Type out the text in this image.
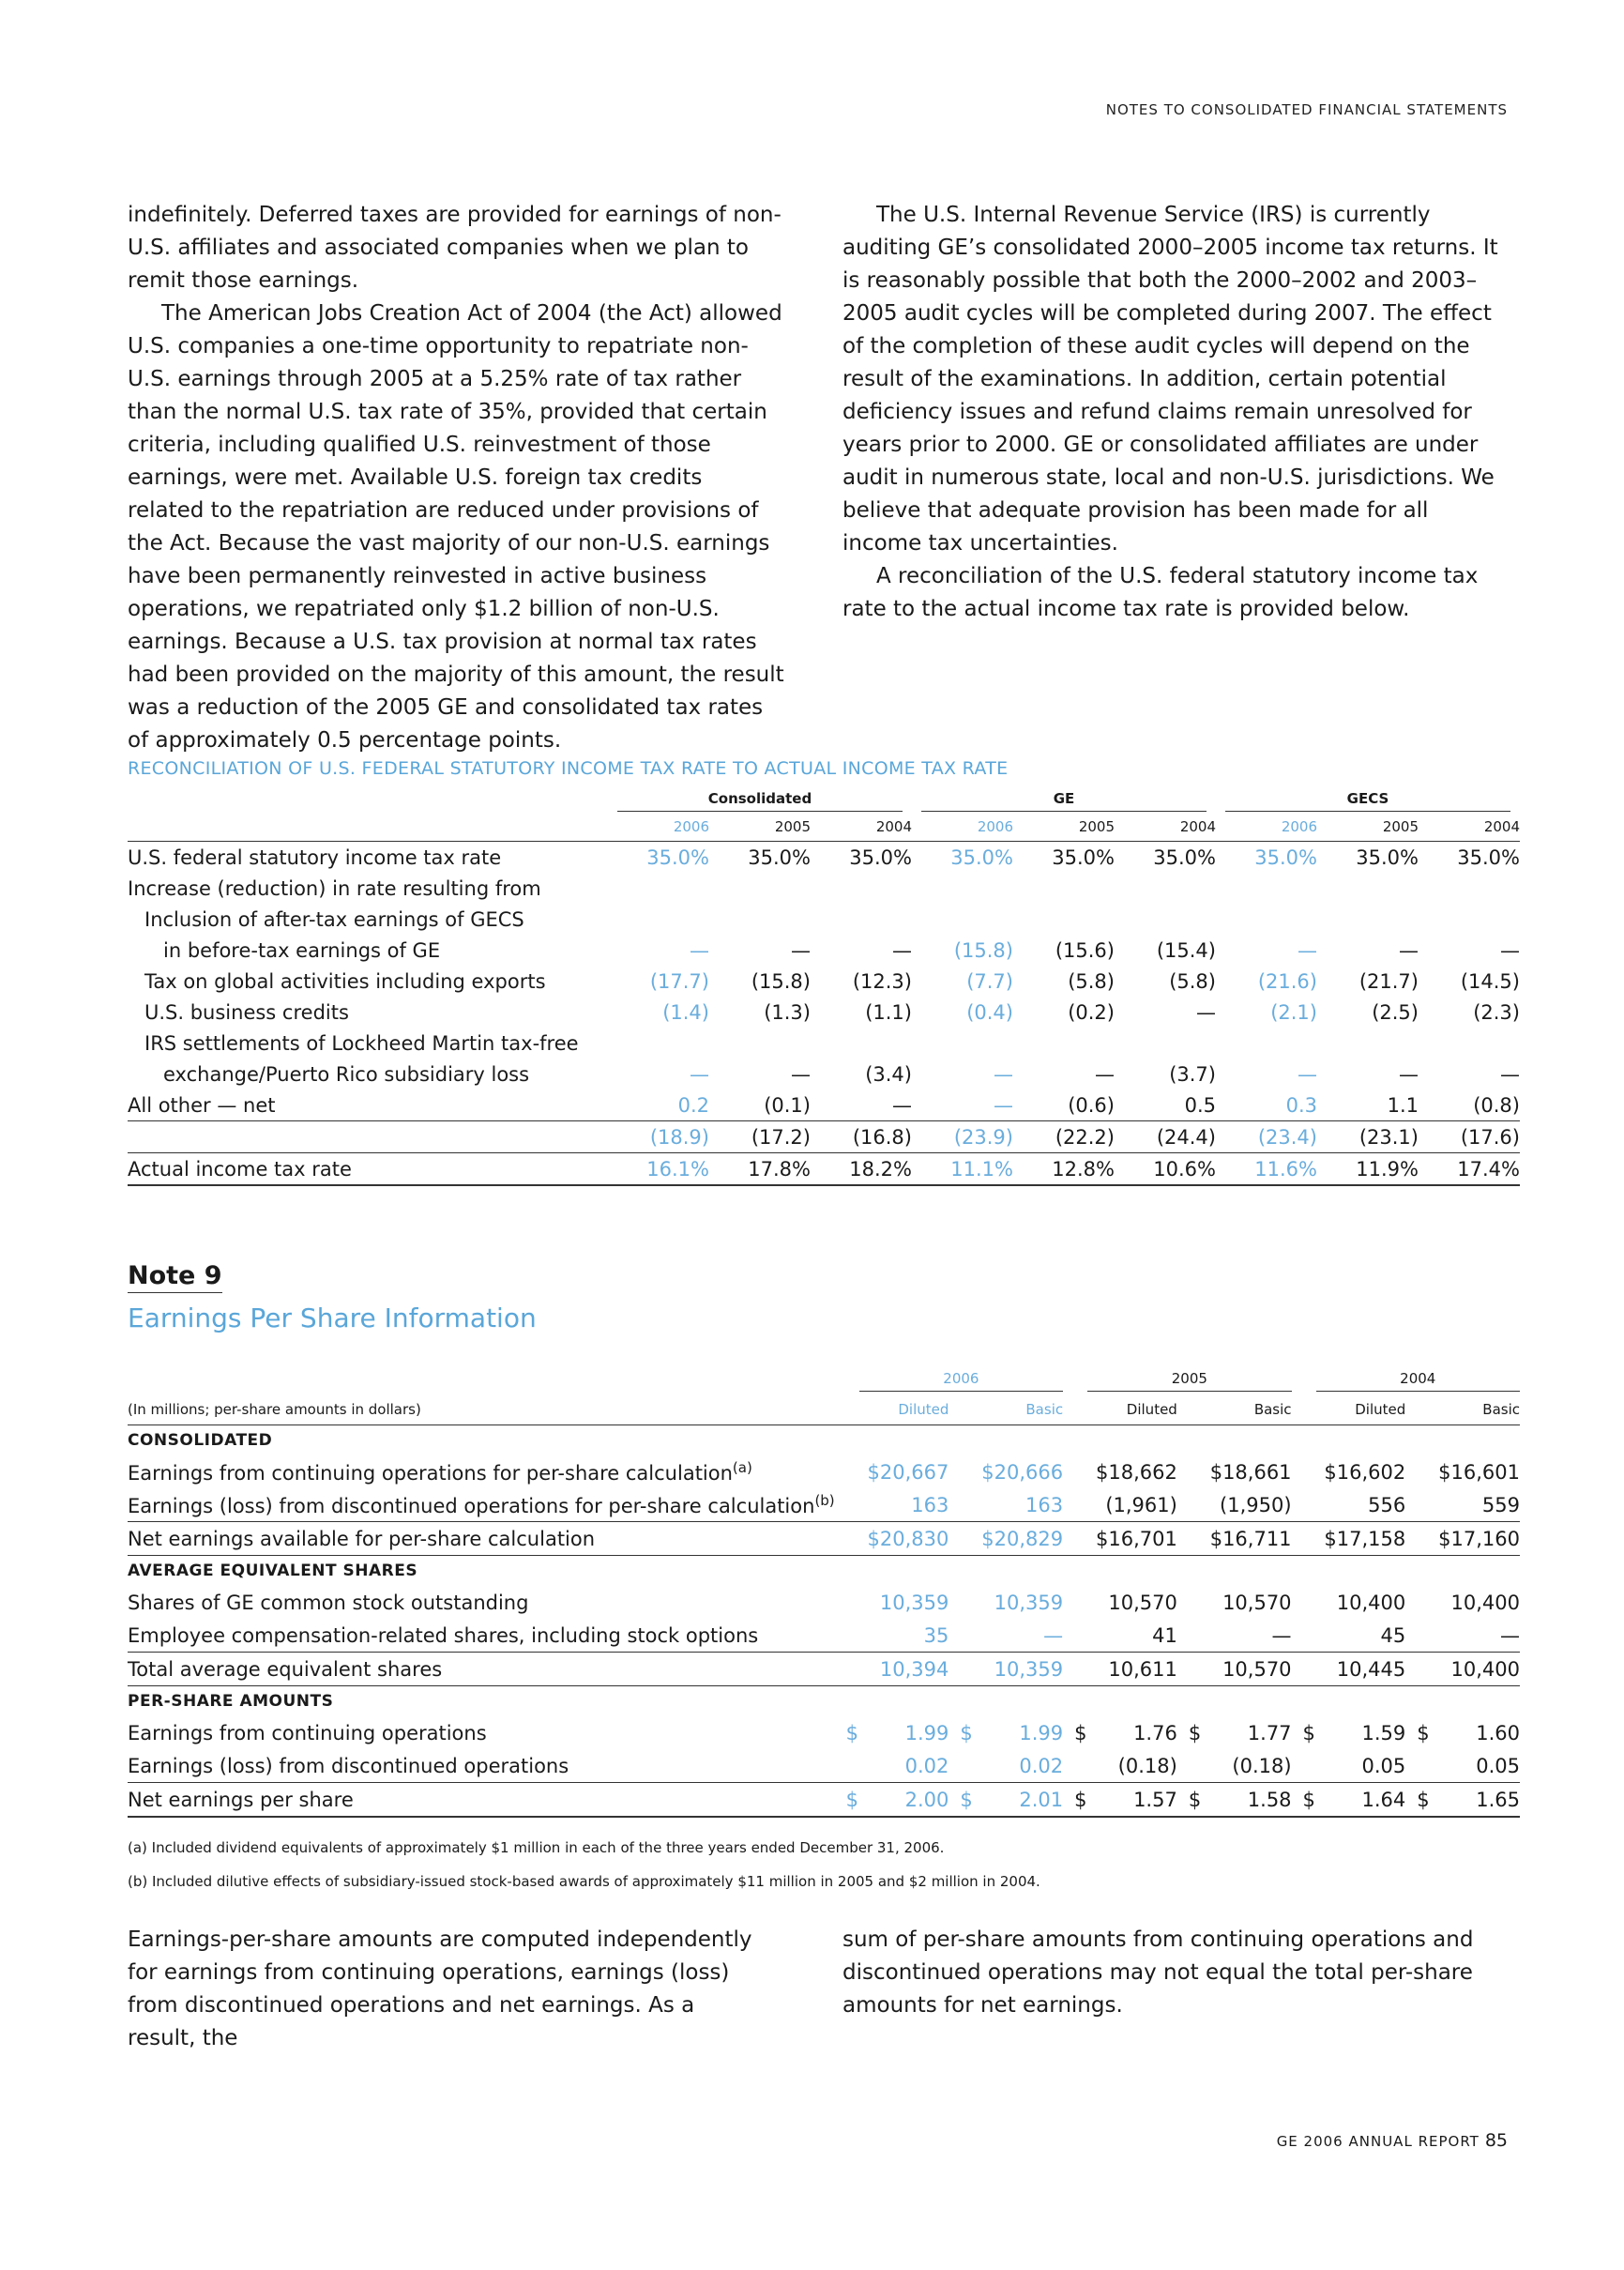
NOTES TO CONSOLIDATED FINANCIAL STATEMENTS

indefinitely. Deferred taxes are provided for earnings of non-U.S. affiliates and associated companies when we plan to remit those earnings.

The American Jobs Creation Act of 2004 (the Act) allowed U.S. companies a one-time opportunity to repatriate non-U.S. earnings through 2005 at a 5.25% rate of tax rather than the normal U.S. tax rate of 35%, provided that certain criteria, including qualified U.S. reinvestment of those earnings, were met. Available U.S. foreign tax credits related to the repatriation are reduced under provisions of the Act. Because the vast majority of our non-U.S. earnings have been permanently reinvested in active business operations, we repatriated only $1.2 billion of non-U.S. earnings. Because a U.S. tax provision at normal tax rates had been provided on the majority of this amount, the result was a reduction of the 2005 GE and consolidated tax rates of approximately 0.5 percentage points.

The U.S. Internal Revenue Service (IRS) is currently auditing GE’s consolidated 2000–2005 income tax returns. It is reasonably possible that both the 2000–2002 and 2003–2005 audit cycles will be completed during 2007. The effect of the completion of these audit cycles will depend on the result of the examinations. In addition, certain potential deficiency issues and refund claims remain unresolved for years prior to 2000. GE or consolidated affiliates are under audit in numerous state, local and non-U.S. jurisdictions. We believe that adequate provision has been made for all income tax uncertainties.

A reconciliation of the U.S. federal statutory income tax rate to the actual income tax rate is provided below.

RECONCILIATION OF U.S. FEDERAL STATUTORY INCOME TAX RATE TO ACTUAL INCOME TAX RATE

	Consolidated			GE			GECS		

	2006	2005	2004	2006	2005	2004	2006	2005	2004
U.S. federal statutory income tax rate	35.0%	35.0%	35.0%	35.0%	35.0%	35.0%	35.0%	35.0%	35.0%
Increase (reduction) in rate resulting from									
Inclusion of after-tax earnings of GECS									
in before-tax earnings of GE	—	—	—	(15.8)	(15.6)	(15.4)	—	—	—
Tax on global activities including exports	(17.7)	(15.8)	(12.3)	(7.7)	(5.8)	(5.8)	(21.6)	(21.7)	(14.5)
U.S. business credits	(1.4)	(1.3)	(1.1)	(0.4)	(0.2)	—	(2.1)	(2.5)	(2.3)
IRS settlements of Lockheed Martin tax-free									
exchange/Puerto Rico subsidiary loss	—	—	(3.4)	—	—	(3.7)	—	—	—
All other — net	0.2	(0.1)	—	—	(0.6)	0.5	0.3	1.1	(0.8)
	(18.9)	(17.2)	(16.8)	(23.9)	(22.2)	(24.4)	(23.4)	(23.1)	(17.6)
Actual income tax rate	16.1%	17.8%	18.2%	11.1%	12.8%	10.6%	11.6%	11.9%	17.4%
Note 9
Earnings Per Share Information

	2006		2005		2004	

(In millions; per-share amounts in dollars)	Diluted	Basic	Diluted	Basic	Diluted	Basic
CONSOLIDATED						
Earnings from continuing operations for per-share calculation$^{(a)}$	$20,667	$20,666	$18,662	$18,661	$16,602	$16,601
Earnings (loss) from discontinued operations for per-share calculation$^{(b)}$	163	163	(1,961)	(1,950)	556	559
Net earnings available for per-share calculation	$20,830	$20,829	$16,701	$16,711	$17,158	$17,160
AVERAGE EQUIVALENT SHARES						
Shares of GE common stock outstanding	10,359	10,359	10,570	10,570	10,400	10,400
Employee compensation-related shares, including stock options	35	—	41	—	45	—
Total average equivalent shares	10,394	10,359	10,611	10,570	10,445	10,400
PER-SHARE AMOUNTS						
Earnings from continuing operations	$ 1.99	$ 1.99	$ 1.76	$ 1.77	$ 1.59	$ 1.60
Earnings (loss) from discontinued operations	0.02	0.02	(0.18)	(0.18)	0.05	0.05
Net earnings per share	$ 2.00	$ 2.01	$ 1.57	$ 1.58	$ 1.64	$ 1.65
(a) Included dividend equivalents of approximately $1 million in each of the three years ended December 31, 2006.
(b) Included dilutive effects of subsidiary-issued stock-based awards of approximately $11 million in 2005 and $2 million in 2004.

Earnings-per-share amounts are computed independently for earnings from continuing operations, earnings (loss) from discontinued operations and net earnings. As a result, the

sum of per-share amounts from continuing operations and discontinued operations may not equal the total per-share amounts for net earnings.

GE 2006 ANNUAL REPORT 85
